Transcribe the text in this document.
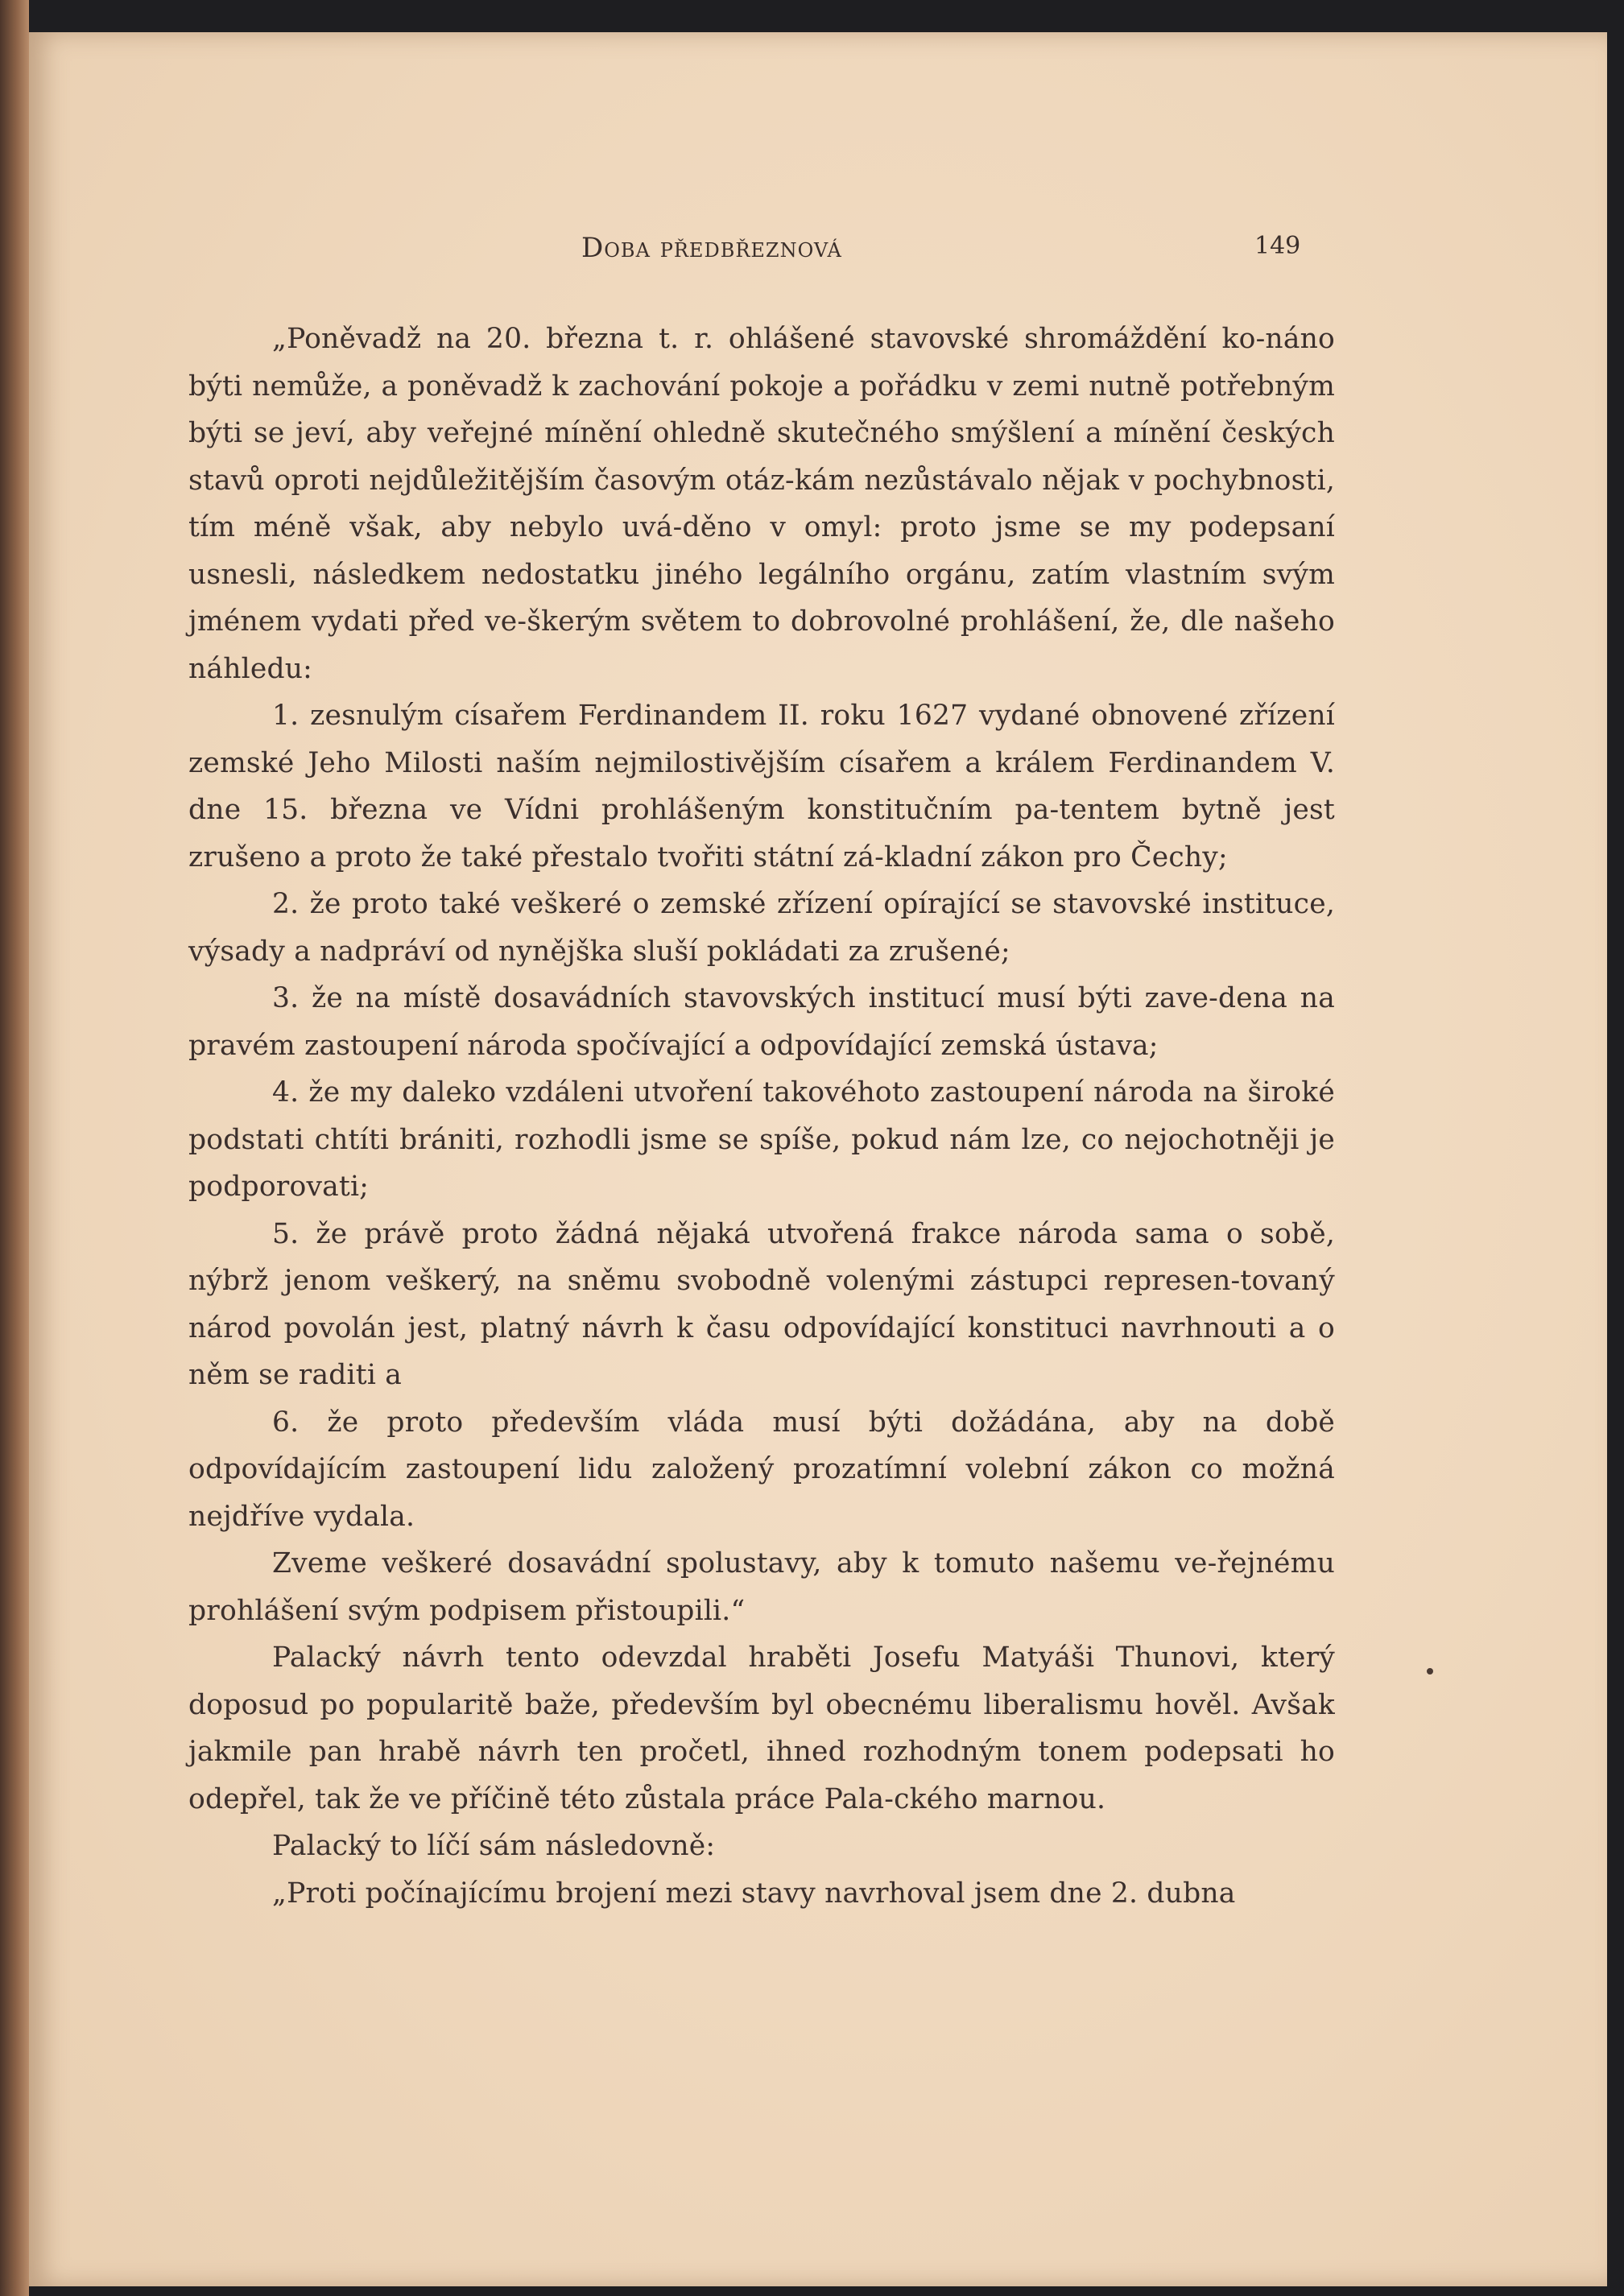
Doba předbřeznová	149

„Poněvadž na 20. března t. r. ohlášené stavovské shromáždění ko-náno býti nemůže, a poněvadž k zachování pokoje a pořádku v zemi nutně potřebným býti se jeví, aby veřejné mínění ohledně skutečného smýšlení a mínění českých stavů oproti nejdůležitějším časovým otáz-kám nezůstávalo nějak v pochybnosti, tím méně však, aby nebylo uvá-děno v omyl: proto jsme se my podepsaní usnesli, následkem nedostatku jiného legálního orgánu, zatím vlastním svým jménem vydati před ve-škerým světem to dobrovolné prohlášení, že, dle našeho náhledu:

1. zesnulým císařem Ferdinandem II. roku 1627 vydané obnovené zřízení zemské Jeho Milosti naším nejmilostivějším císařem a králem Ferdinandem V. dne 15. března ve Vídni prohlášeným konstitučním pa-tentem bytně jest zrušeno a proto že také přestalo tvořiti státní zá-kladní zákon pro Čechy;

2. že proto také veškeré o zemské zřízení opírající se stavovské instituce, výsady a nadpráví od nynějška sluší pokládati za zrušené;

3. že na místě dosavádních stavovských institucí musí býti zave-dena na pravém zastoupení národa spočívající a odpovídající zemská ústava;

4. že my daleko vzdáleni utvoření takovéhoto zastoupení národa na široké podstati chtíti brániti, rozhodli jsme se spíše, pokud nám lze, co nejochotněji je podporovati;

5. že právě proto žádná nějaká utvořená frakce národa sama o sobě, nýbrž jenom veškerý, na sněmu svobodně volenými zástupci represen-tovaný národ povolán jest, platný návrh k času odpovídající konstituci navrhnouti a o něm se raditi a

6. že proto především vláda musí býti dožádána, aby na době odpovídajícím zastoupení lidu založený prozatímní volební zákon co možná nejdříve vydala.

Zveme veškeré dosavádní spolustavy, aby k tomuto našemu ve-řejnému prohlášení svým podpisem přistoupili.“

Palacký návrh tento odevzdal hraběti Josefu Matyáši Thunovi, který doposud po popularitě baže, především byl obecnému liberalismu hověl. Avšak jakmile pan hrabě návrh ten pročetl, ihned rozhodným tonem podepsati ho odepřel, tak že ve příčině této zůstala práce Pala-ckého marnou.

Palacký to líčí sám následovně:

„Proti počínajícímu brojení mezi stavy navrhoval jsem dne 2. dubna
